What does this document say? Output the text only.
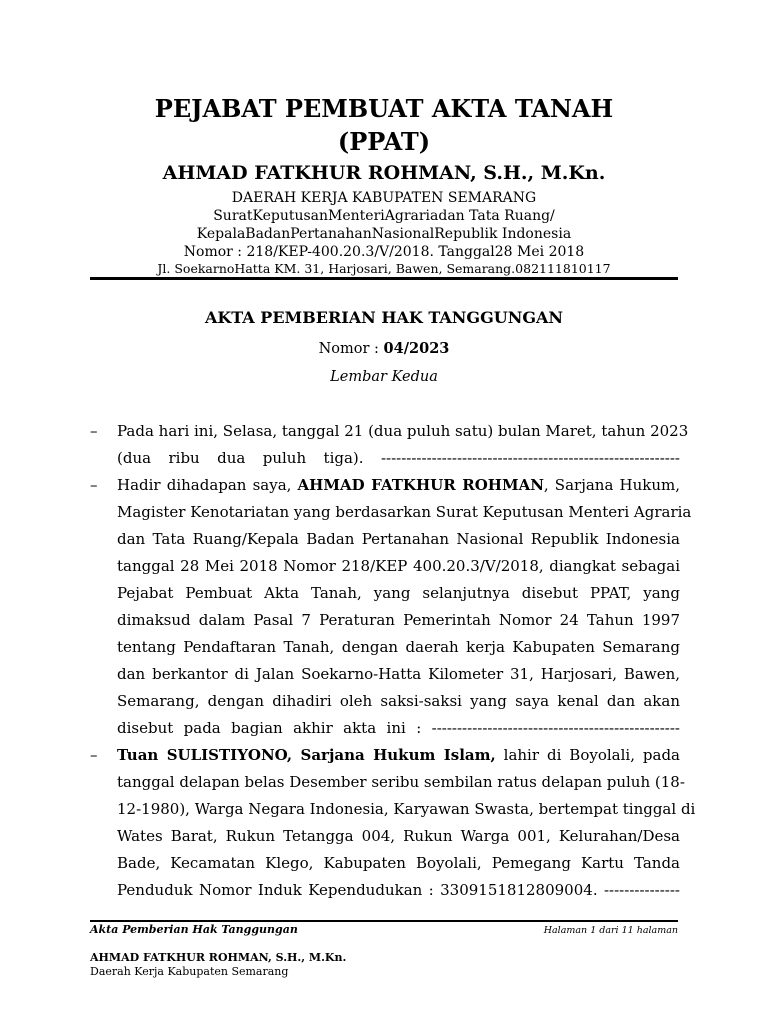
PEJABAT PEMBUAT AKTA TANAH
(PPAT)
AHMAD FATKHUR ROHMAN, S.H., M.Kn.
DAERAH KERJA KABUPATEN SEMARANG
SuratKeputusanMenteriAgrariadan Tata Ruang/
KepalaBadanPertanahanNasionalRepublik Indonesia
Nomor : 218/KEP-400.20.3/V/2018. Tanggal28 Mei 2018
Jl. SoekarnoHatta KM. 31, Harjosari, Bawen, Semarang.082111810117
AKTA PEMBERIAN HAK TANGGUNGAN
Nomor : 04/2023
Lembar Kedua
– Pada hari ini, Selasa, tanggal 21 (dua puluh satu) bulan Maret, tahun 2023
(dua ribu dua puluh tiga). -----------------------------------------------------------
– Hadir dihadapan saya, AHMAD FATKHUR ROHMAN, Sarjana Hukum,
Magister Kenotariatan yang berdasarkan Surat Keputusan Menteri Agraria
dan Tata Ruang/Kepala Badan Pertanahan Nasional Republik Indonesia
tanggal 28 Mei 2018 Nomor 218/KEP 400.20.3/V/2018, diangkat sebagai
Pejabat Pembuat Akta Tanah, yang selanjutnya disebut PPAT, yang
dimaksud dalam Pasal 7 Peraturan Pemerintah Nomor 24 Tahun 1997
tentang Pendaftaran Tanah, dengan daerah kerja Kabupaten Semarang
dan berkantor di Jalan Soekarno-Hatta Kilometer 31, Harjosari, Bawen,
Semarang, dengan dihadiri oleh saksi-saksi yang saya kenal dan akan
disebut pada bagian akhir akta ini : -------------------------------------------------
– Tuan SULISTIYONO, Sarjana Hukum Islam, lahir di Boyolali, pada
tanggal delapan belas Desember seribu sembilan ratus delapan puluh (18-
12-1980), Warga Negara Indonesia, Karyawan Swasta, bertempat tinggal di
Wates Barat, Rukun Tetangga 004, Rukun Warga 001, Kelurahan/Desa
Bade, Kecamatan Klego, Kabupaten Boyolali, Pemegang Kartu Tanda
Penduduk Nomor Induk Kependudukan : 3309151812809004. ---------------
Akta Pemberian Hak Tanggungan	Halaman 1 dari 11 halaman
AHMAD FATKHUR ROHMAN, S.H., M.Kn.
Daerah Kerja Kabupaten Semarang
